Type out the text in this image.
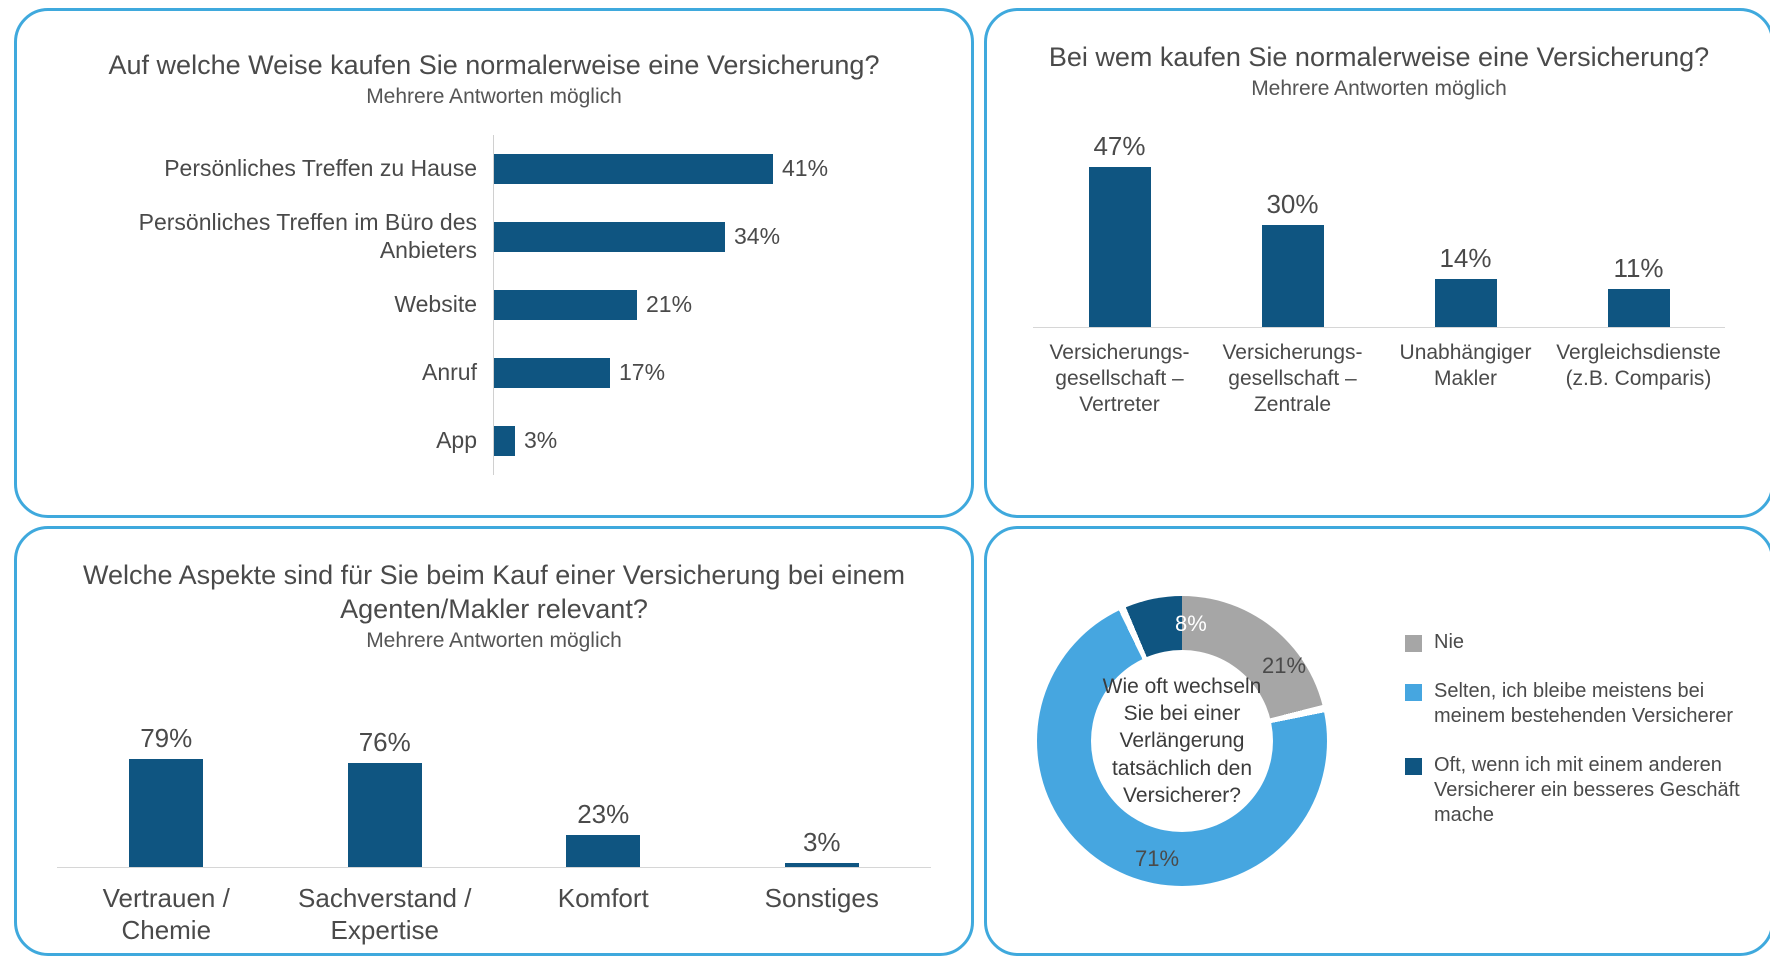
Auf welche Weise kaufen Sie normalerweise eine Versicherung?
Mehrere Antworten möglich
Persönliches Treffen zu Hause	41%
Persönliches Treffen im Büro des Anbieters
34%
Website	21%
Anruf	17%
App	3%
Bei wem kaufen Sie normalerweise eine Versicherung?
Mehrere Antworten möglich
47%
30%
14%	11%
Versicherungs-gesellschaft – Vertreter
Versicherungs-gesellschaft – Zentrale
Unabhängiger Makler
Vergleichsdienste (z.B. Comparis)
Welche Aspekte sind für Sie beim Kauf einer Versicherung bei einem Agenten/Makler relevant?
Mehrere Antworten möglich
79%	76%
23%
3%
Vertrauen / Chemie
Sachverstand / Expertise
Komfort	Sonstiges
Wie oft wechseln Sie bei einer Verlängerung tatsächlich den Versicherer?
21%
71%
8%
Nie
Selten, ich bleibe meistens bei meinem bestehenden Versicherer
Oft, wenn ich mit einem anderen Versicherer ein besseres Geschäft mache
